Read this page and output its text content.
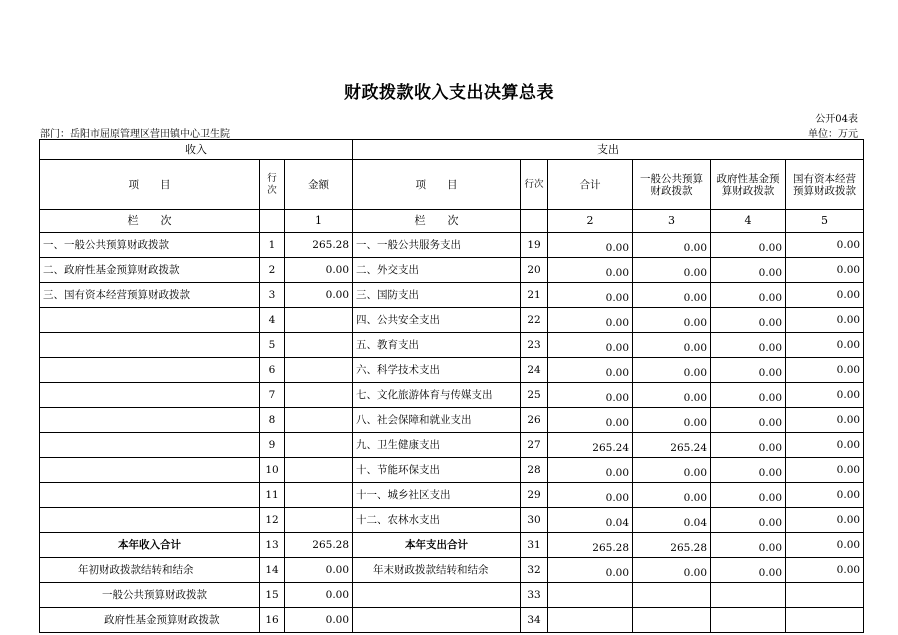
财政拨款收入支出决算总表
公开04表
部门：岳阳市屈原管理区营田镇中心卫生院	单位：万元
收入			支出					
项　　目	行次	金额	项　　目	行次	合计	一般公共预算财政拨款	政府性基金预算财政拨款	国有资本经营预算财政拨款
栏　　次		1	栏　　次		2	3	4	5
一、一般公共预算财政拨款	1	265.28	一、一般公共服务支出	19	0.00	0.00	0.00	0.00
二、政府性基金预算财政拨款	2	0.00	二、外交支出	20	0.00	0.00	0.00	0.00
三、国有资本经营预算财政拨款	3	0.00	三、国防支出	21	0.00	0.00	0.00	0.00
	4		四、公共安全支出	22	0.00	0.00	0.00	0.00
	5		五、教育支出	23	0.00	0.00	0.00	0.00
	6		六、科学技术支出	24	0.00	0.00	0.00	0.00
	7		七、文化旅游体育与传媒支出	25	0.00	0.00	0.00	0.00
	8		八、社会保障和就业支出	26	0.00	0.00	0.00	0.00
	9		九、卫生健康支出	27	265.24	265.24	0.00	0.00
	10		十、节能环保支出	28	0.00	0.00	0.00	0.00
	11		十一、城乡社区支出	29	0.00	0.00	0.00	0.00
	12		十二、农林水支出	30	0.04	0.04	0.00	0.00
本年收入合计	13	265.28	本年支出合计	31	265.28	265.28	0.00	0.00
年初财政拨款结转和结余	14	0.00	年末财政拨款结转和结余	32	0.00	0.00	0.00	0.00
一般公共预算财政拨款	15	0.00		33				
政府性基金预算财政拨款	16	0.00		34				
